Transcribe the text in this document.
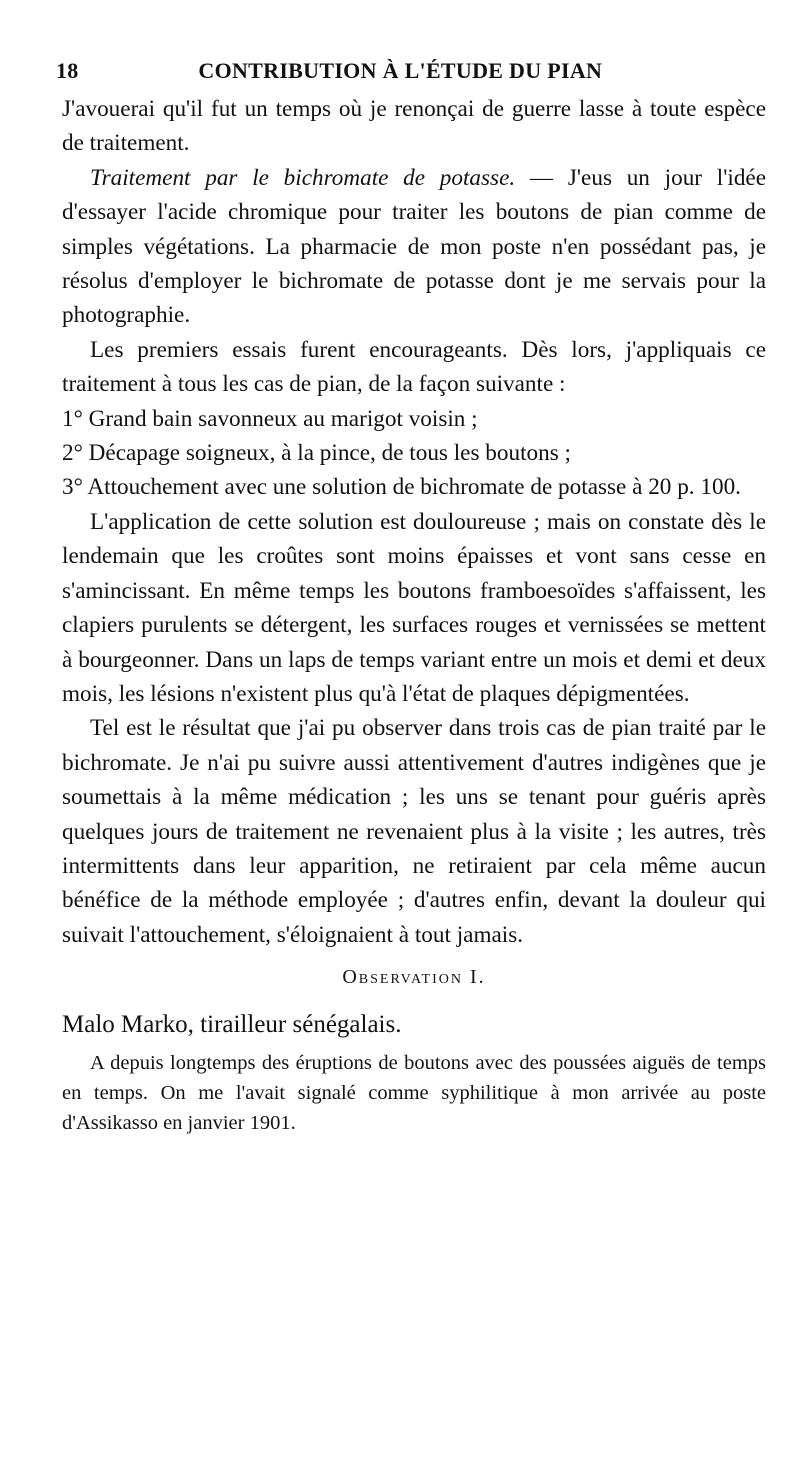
18	CONTRIBUTION À L'ÉTUDE DU PIAN

J'avouerai qu'il fut un temps où je renonçai de guerre lasse à toute espèce de traitement.

Traitement par le bichromate de potasse. — J'eus un jour l'idée d'essayer l'acide chromique pour traiter les boutons de pian comme de simples végétations. La pharmacie de mon poste n'en possédant pas, je résolus d'employer le bichromate de potasse dont je me servais pour la photographie.

Les premiers essais furent encourageants. Dès lors, j'appliquais ce traitement à tous les cas de pian, de la façon suivante :

1° Grand bain savonneux au marigot voisin ;

2° Décapage soigneux, à la pince, de tous les boutons ;

3° Attouchement avec une solution de bichromate de potasse à 20 p. 100.

L'application de cette solution est douloureuse ; mais on constate dès le lendemain que les croûtes sont moins épaisses et vont sans cesse en s'amincissant. En même temps les boutons framboesoïdes s'affaissent, les clapiers purulents se détergent, les surfaces rouges et vernissées se mettent à bourgeonner. Dans un laps de temps variant entre un mois et demi et deux mois, les lésions n'existent plus qu'à l'état de plaques dépigmentées.

Tel est le résultat que j'ai pu observer dans trois cas de pian traité par le bichromate. Je n'ai pu suivre aussi attentivement d'autres indigènes que je soumettais à la même médication ; les uns se tenant pour guéris après quelques jours de traitement ne revenaient plus à la visite ; les autres, très intermittents dans leur apparition, ne retiraient par cela même aucun bénéfice de la méthode employée ; d'autres enfin, devant la douleur qui suivait l'attouchement, s'éloignaient à tout jamais.

Observation I.
Malo Marko, tirailleur sénégalais.

A depuis longtemps des éruptions de boutons avec des poussées aiguës de temps en temps. On me l'avait signalé comme syphilitique à mon arrivée au poste d'Assikasso en janvier 1901.
